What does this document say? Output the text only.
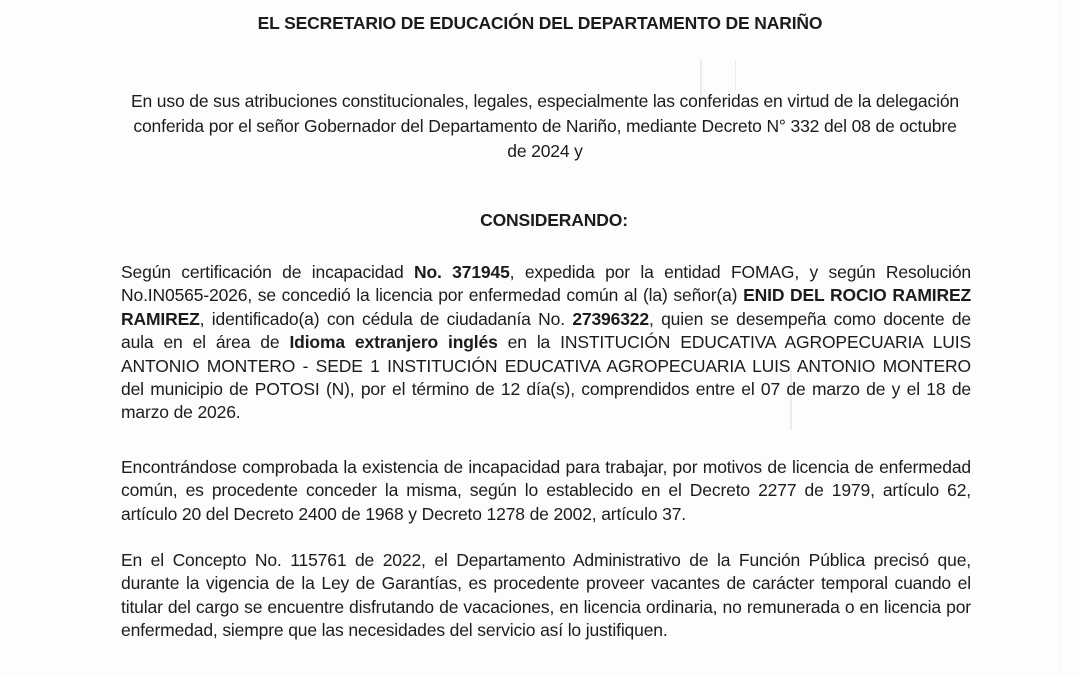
EL SECRETARIO DE EDUCACIÓN DEL DEPARTAMENTO DE NARIÑO
En uso de sus atribuciones constitucionales, legales, especialmente las conferidas en virtud de la delegación
conferida por el señor Gobernador del Departamento de Nariño, mediante Decreto N° 332 del 08 de octubre
de 2024 y
CONSIDERANDO:
Según certificación de incapacidad No. 371945, expedida por la entidad FOMAG, y según Resolución
No.IN0565-2026, se concedió la licencia por enfermedad común al (la) señor(a) ENID DEL ROCIO RAMIREZ
RAMIREZ, identificado(a) con cédula de ciudadanía No. 27396322, quien se desempeña como docente de
aula en el área de Idioma extranjero inglés en la INSTITUCIÓN EDUCATIVA AGROPECUARIA LUIS
ANTONIO MONTERO - SEDE 1 INSTITUCIÓN EDUCATIVA AGROPECUARIA LUIS ANTONIO MONTERO
del municipio de POTOSI (N), por el término de 12 día(s), comprendidos entre el 07 de marzo de y el 18 de
marzo de 2026.
Encontrándose comprobada la existencia de incapacidad para trabajar, por motivos de licencia de enfermedad
común, es procedente conceder la misma, según lo establecido en el Decreto 2277 de 1979, artículo 62,
artículo 20 del Decreto 2400 de 1968 y Decreto 1278 de 2002, artículo 37.
En el Concepto No. 115761 de 2022, el Departamento Administrativo de la Función Pública precisó que,
durante la vigencia de la Ley de Garantías, es procedente proveer vacantes de carácter temporal cuando el
titular del cargo se encuentre disfrutando de vacaciones, en licencia ordinaria, no remunerada o en licencia por
enfermedad, siempre que las necesidades del servicio así lo justifiquen.
